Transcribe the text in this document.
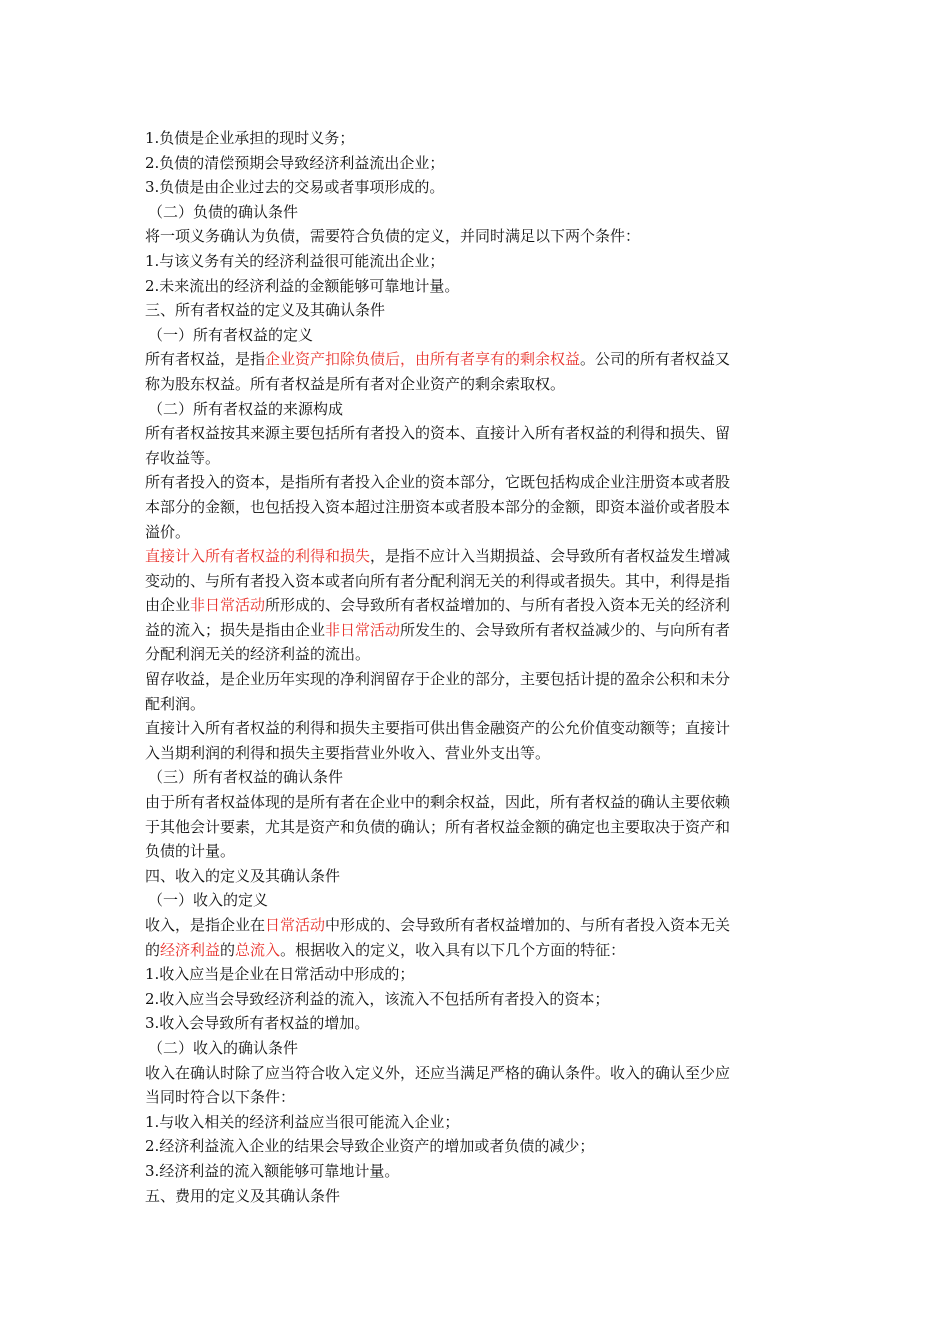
1.负债是企业承担的现时义务；
2.负债的清偿预期会导致经济利益流出企业；
3.负债是由企业过去的交易或者事项形成的。
（二）负债的确认条件
将一项义务确认为负债，需要符合负债的定义，并同时满足以下两个条件：
1.与该义务有关的经济利益很可能流出企业；
2.未来流出的经济利益的金额能够可靠地计量。
三、所有者权益的定义及其确认条件
（一）所有者权益的定义
所有者权益，是指企业资产扣除负债后，由所有者享有的剩余权益。公司的所有者权益又
称为股东权益。所有者权益是所有者对企业资产的剩余索取权。
（二）所有者权益的来源构成
所有者权益按其来源主要包括所有者投入的资本、直接计入所有者权益的利得和损失、留
存收益等。
所有者投入的资本，是指所有者投入企业的资本部分，它既包括构成企业注册资本或者股
本部分的金额，也包括投入资本超过注册资本或者股本部分的金额，即资本溢价或者股本
溢价。
直接计入所有者权益的利得和损失，是指不应计入当期损益、会导致所有者权益发生增减
变动的、与所有者投入资本或者向所有者分配利润无关的利得或者损失。其中，利得是指
由企业非日常活动所形成的、会导致所有者权益增加的、与所有者投入资本无关的经济利
益的流入；损失是指由企业非日常活动所发生的、会导致所有者权益减少的、与向所有者
分配利润无关的经济利益的流出。
留存收益，是企业历年实现的净利润留存于企业的部分，主要包括计提的盈余公积和未分
配利润。
直接计入所有者权益的利得和损失主要指可供出售金融资产的公允价值变动额等；直接计
入当期利润的利得和损失主要指营业外收入、营业外支出等。
（三）所有者权益的确认条件
由于所有者权益体现的是所有者在企业中的剩余权益，因此，所有者权益的确认主要依赖
于其他会计要素，尤其是资产和负债的确认；所有者权益金额的确定也主要取决于资产和
负债的计量。
四、收入的定义及其确认条件
（一）收入的定义
收入，是指企业在日常活动中形成的、会导致所有者权益增加的、与所有者投入资本无关
的经济利益的总流入。根据收入的定义，收入具有以下几个方面的特征：
1.收入应当是企业在日常活动中形成的；
2.收入应当会导致经济利益的流入，该流入不包括所有者投入的资本；
3.收入会导致所有者权益的增加。
（二）收入的确认条件
收入在确认时除了应当符合收入定义外，还应当满足严格的确认条件。收入的确认至少应
当同时符合以下条件：
1.与收入相关的经济利益应当很可能流入企业；
2.经济利益流入企业的结果会导致企业资产的增加或者负债的减少；
3.经济利益的流入额能够可靠地计量。
五、费用的定义及其确认条件
